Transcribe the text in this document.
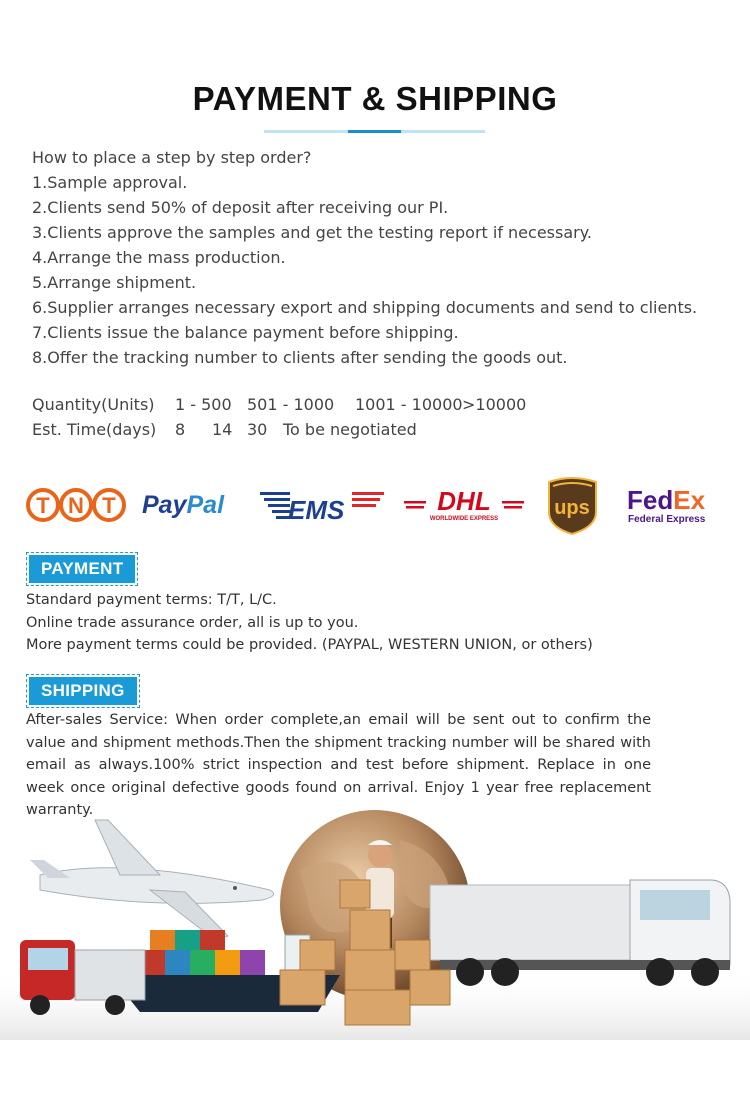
PAYMENT & SHIPPING
How to place a step by step order?
1.Sample approval.
2.Clients send 50% of deposit after receiving our PI.
3.Clients approve the samples and get the testing report if necessary.
4.Arrange the mass production.
5.Arrange shipment.
6.Supplier arranges necessary export and shipping documents and send to clients.
7.Clients issue the balance payment before shipping.
8.Offer the tracking number to clients after sending the goods out.
Quantity(Units) 1 - 500 501 - 1000 1001 - 10000 >10000
Est. Time(days) 8 14 30 To be negotiated
T N T PayPal EMS	DHL
WORLDWIDE EXPRESS	ups FedEx
Federal Express
PAYMENT

Standard payment terms: T/T, L/C.

Online trade assurance order, all is up to you.

More payment terms could be provided. (PAYPAL, WESTERN UNION, or others)

SHIPPING
After-sales Service: When order complete,an email will be sent out to confirm the value and shipment methods.Then the shipment tracking number will be shared with email as always.100% strict inspection and test before shipment. Replace in one week once original defective goods found on arrival. Enjoy 1 year free replacement warranty.
